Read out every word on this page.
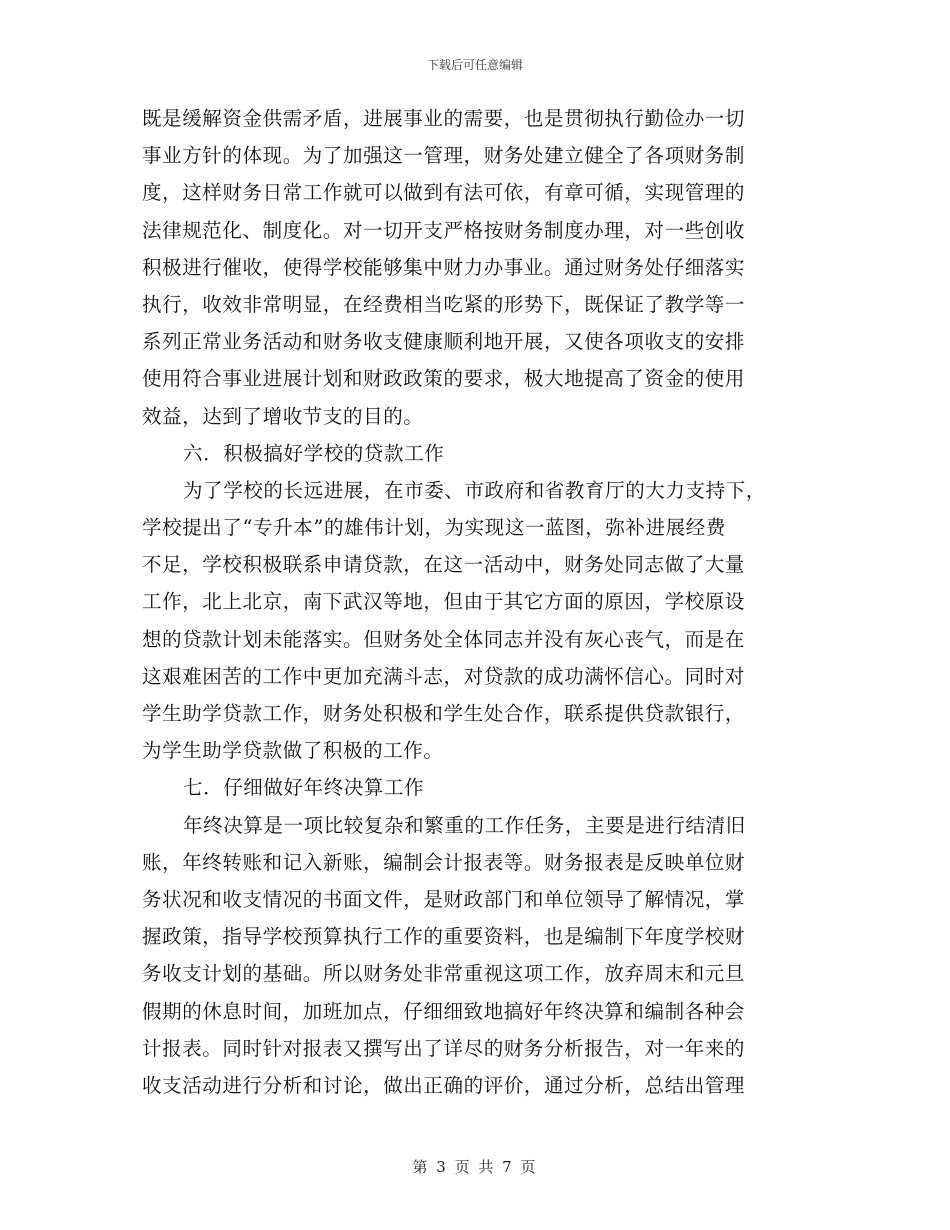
下载后可任意编辑
既是缓解资金供需矛盾，进展事业的需要，也是贯彻执行勤俭办一切
事业方针的体现。为了加强这一管理，财务处建立健全了各项财务制
度，这样财务日常工作就可以做到有法可依，有章可循，实现管理的
法律规范化、制度化。对一切开支严格按财务制度办理，对一些创收
积极进行催收，使得学校能够集中财力办事业。通过财务处仔细落实
执行，收效非常明显，在经费相当吃紧的形势下，既保证了教学等一
系列正常业务活动和财务收支健康顺利地开展，又使各项收支的安排
使用符合事业进展计划和财政政策的要求，极大地提高了资金的使用
效益，达到了增收节支的目的。
六．积极搞好学校的贷款工作
为了学校的长远进展，在市委、市政府和省教育厅的大力支持下，
学校提出了“专升本”的雄伟计划，为实现这一蓝图，弥补进展经费
不足，学校积极联系申请贷款，在这一活动中，财务处同志做了大量
工作，北上北京，南下武汉等地，但由于其它方面的原因，学校原设
想的贷款计划未能落实。但财务处全体同志并没有灰心丧气，而是在
这艰难困苦的工作中更加充满斗志，对贷款的成功满怀信心。同时对
学生助学贷款工作，财务处积极和学生处合作，联系提供贷款银行，
为学生助学贷款做了积极的工作。
七．仔细做好年终决算工作
年终决算是一项比较复杂和繁重的工作任务，主要是进行结清旧
账，年终转账和记入新账，编制会计报表等。财务报表是反映单位财
务状况和收支情况的书面文件，是财政部门和单位领导了解情况，掌
握政策，指导学校预算执行工作的重要资料，也是编制下年度学校财
务收支计划的基础。所以财务处非常重视这项工作，放弃周末和元旦
假期的休息时间，加班加点，仔细细致地搞好年终决算和编制各种会
计报表。同时针对报表又撰写出了详尽的财务分析报告，对一年来的
收支活动进行分析和讨论，做出正确的评价，通过分析，总结出管理
第 3 页 共 7 页
